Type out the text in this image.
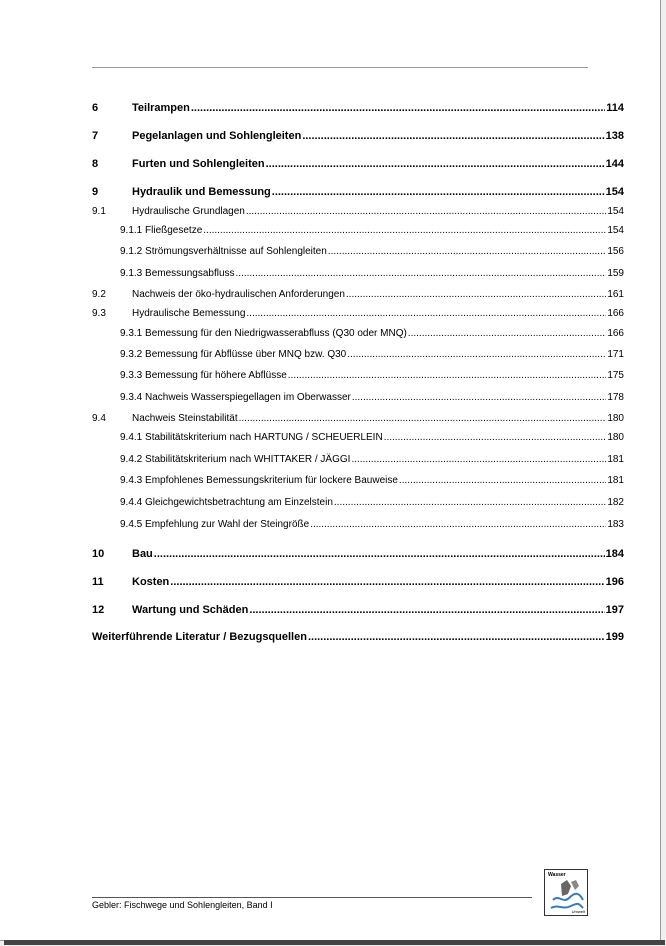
6	Teilrampen .....	114
7	Pegelanlagen und Sohlengleiten .....	138
8	Furten und Sohlengleiten .....	144
9	Hydraulik und Bemessung .....	154
9.1	Hydraulische Grundlagen .....	154
9.1.1 Fließgesetze .....	154
9.1.2 Strömungsverhältnisse auf Sohlengleiten .....	156
9.1.3 Bemessungsabfluss .....	159
9.2	Nachweis der öko-hydraulischen Anforderungen .....	161
9.3	Hydraulische Bemessung .....	166
9.3.1 Bemessung für den Niedrigwasserabfluss (Q30 oder MNQ) .....	166
9.3.2 Bemessung für Abflüsse über MNQ bzw. Q30 .....	171
9.3.3 Bemessung für höhere Abflüsse .....	175
9.3.4 Nachweis Wasserspiegellagen im Oberwasser .....	178
9.4	Nachweis Steinstabilität .....	180
9.4.1 Stabilitätskriterium nach HARTUNG / SCHEUERLEIN .....	180
9.4.2 Stabilitätskriterium nach WHITTAKER / JÄGGI .....	181
9.4.3 Empfohlenes Bemessungskriterium für lockere Bauweise .....	181
9.4.4 Gleichgewichtsbetrachtung am Einzelstein .....	182
9.4.5 Empfehlung zur Wahl der Steingröße .....	183
10	Bau .....	184
11	Kosten .....	196
12	Wartung und Schäden .....	197
Weiterführende Literatur / Bezugsquellen .....	199
Gebler: Fischwege und Sohlengleiten, Band I
Wasser
Umwelt
